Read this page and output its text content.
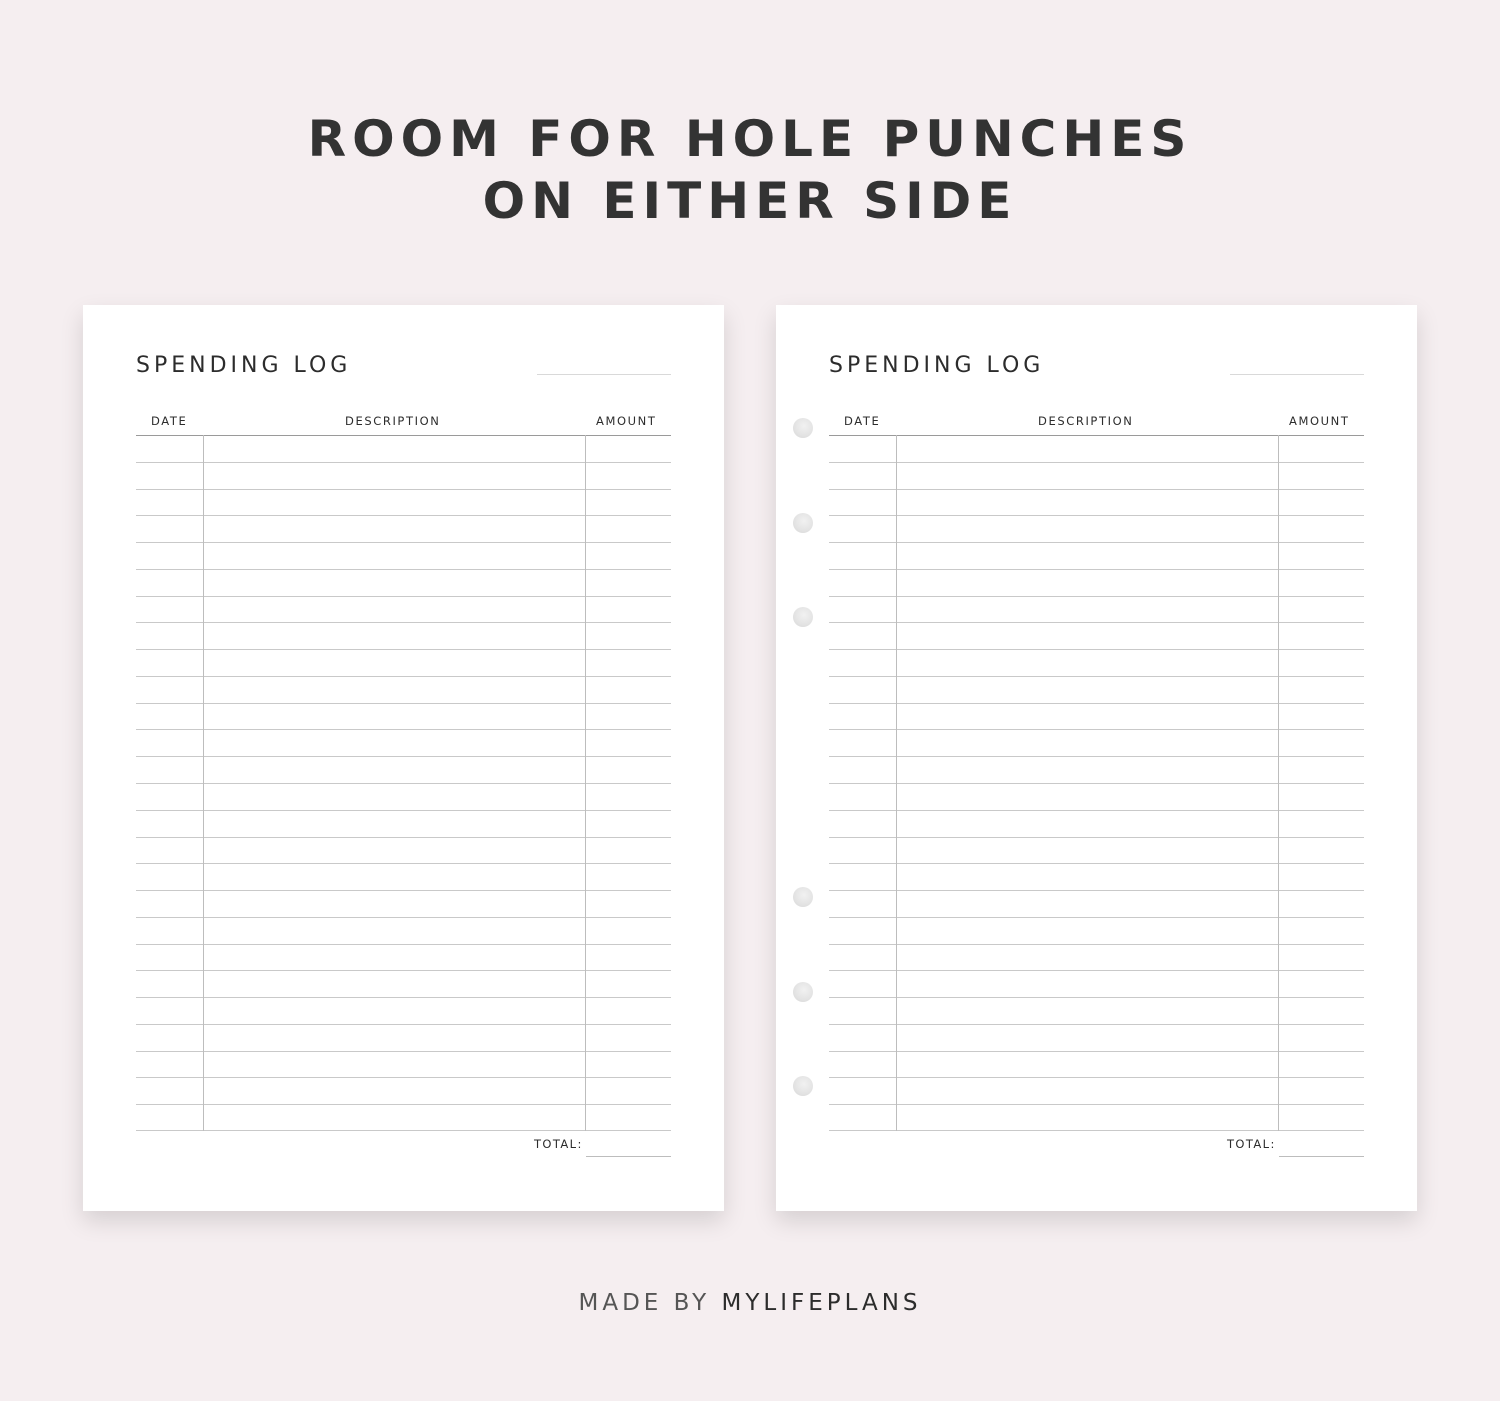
ROOM FOR HOLE PUNCHES
ON EITHER SIDE
SPENDING LOG
DATE	DESCRIPTION	AMOUNT
TOTAL:
SPENDING LOG
DATE	DESCRIPTION	AMOUNT
TOTAL:
MADE BY MYLIFEPLANS
